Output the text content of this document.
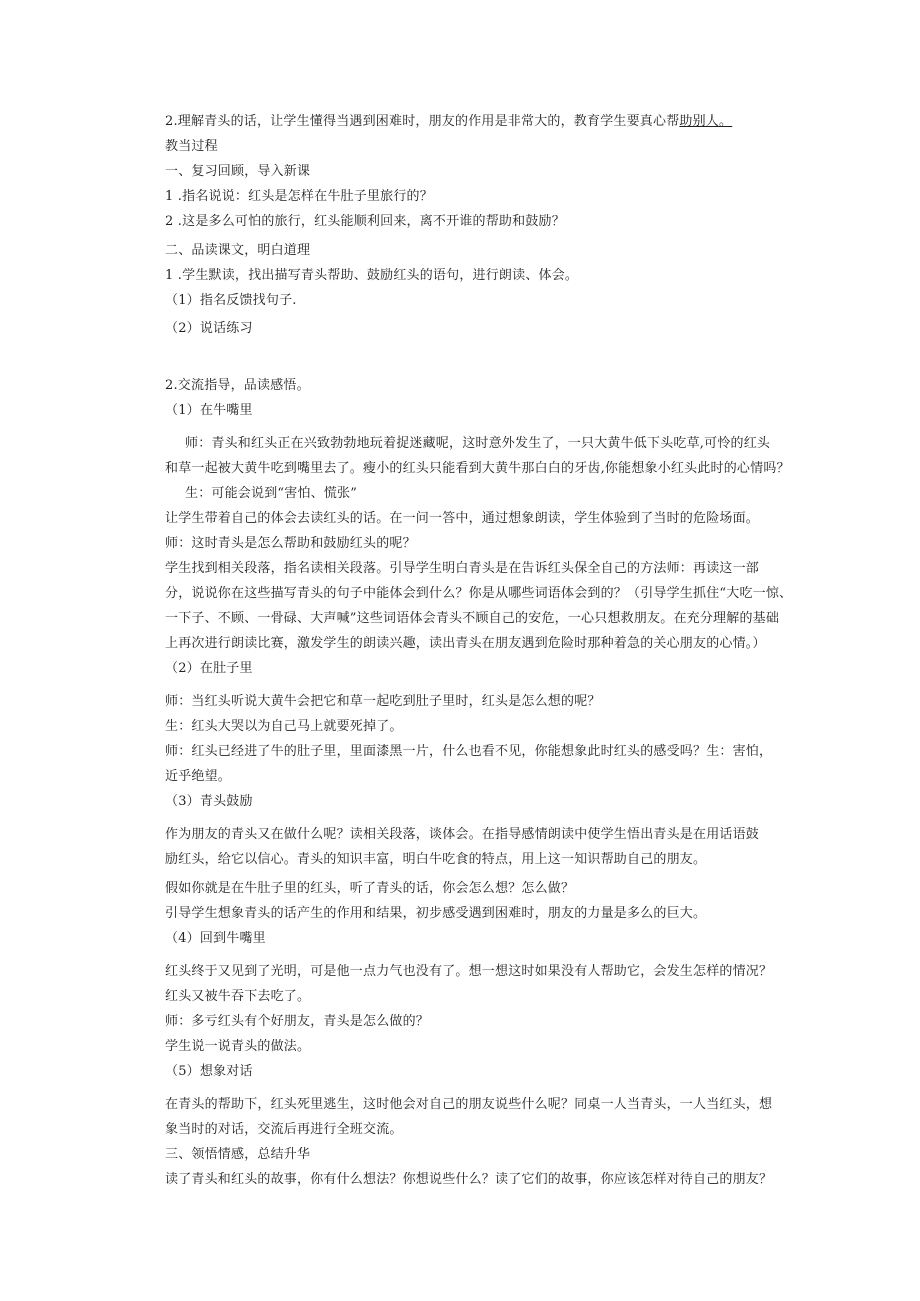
2.理解青头的话，让学生懂得当遇到困难时，朋友的作用是非常大的，教育学生要真心帮助别人。
教当过程
一、复习回顾，导入新课
1 .指名说说：红头是怎样在牛肚子里旅行的？
2 .这是多么可怕的旅行，红头能顺利回来，离不开谁的帮助和鼓励？
二、品读课文，明白道理
1 .学生默读，找出描写青头帮助、鼓励红头的语句，进行朗读、体会。
（1）指名反馈找句子.
（2）说话练习
2.交流指导，品读感悟。
（1）在牛嘴里
师：青头和红头正在兴致勃勃地玩着捉迷藏呢，这时意外发生了，一只大黄牛低下头吃草,可怜的红头
和草一起被大黄牛吃到嘴里去了。瘦小的红头只能看到大黄牛那白白的牙齿,你能想象小红头此时的心情吗？
生：可能会说到“害怕、慌张”
让学生带着自己的体会去读红头的话。在一问一答中，通过想象朗读，学生体验到了当时的危险场面。
师：这时青头是怎么帮助和鼓励红头的呢？
学生找到相关段落，指名读相关段落。引导学生明白青头是在告诉红头保全自己的方法师：再读这一部
分，说说你在这些描写青头的句子中能体会到什么？你是从哪些词语体会到的？（引导学生抓住“大吃一惊、
一下子、不顾、一骨碌、大声喊”这些词语体会青头不顾自己的安危，一心只想救朋友。在充分理解的基础
上再次进行朗读比赛，激发学生的朗读兴趣，读出青头在朋友遇到危险时那种着急的关心朋友的心情。）
（2）在肚子里
师：当红头听说大黄牛会把它和草一起吃到肚子里时，红头是怎么想的呢？
生：红头大哭以为自己马上就要死掉了。
师：红头已经进了牛的肚子里，里面漆黑一片，什么也看不见，你能想象此时红头的感受吗？生：害怕，
近乎绝望。
（3）青头鼓励
作为朋友的青头又在做什么呢？读相关段落，谈体会。在指导感情朗读中使学生悟出青头是在用话语鼓
励红头，给它以信心。青头的知识丰富，明白牛吃食的特点，用上这一知识帮助自己的朋友。
假如你就是在牛肚子里的红头，听了青头的话，你会怎么想？怎么做？
引导学生想象青头的话产生的作用和结果，初步感受遇到困难时，朋友的力量是多么的巨大。
（4）回到牛嘴里
红头终于又见到了光明，可是他一点力气也没有了。想一想这时如果没有人帮助它，会发生怎样的情况？
红头又被牛吞下去吃了。
师：多亏红头有个好朋友，青头是怎么做的？
学生说一说青头的做法。
（5）想象对话
在青头的帮助下，红头死里逃生，这时他会对自己的朋友说些什么呢？同桌一人当青头，一人当红头，想
象当时的对话，交流后再进行全班交流。
三、领悟情感，总结升华
读了青头和红头的故事，你有什么想法？你想说些什么？读了它们的故事，你应该怎样对待自己的朋友？
